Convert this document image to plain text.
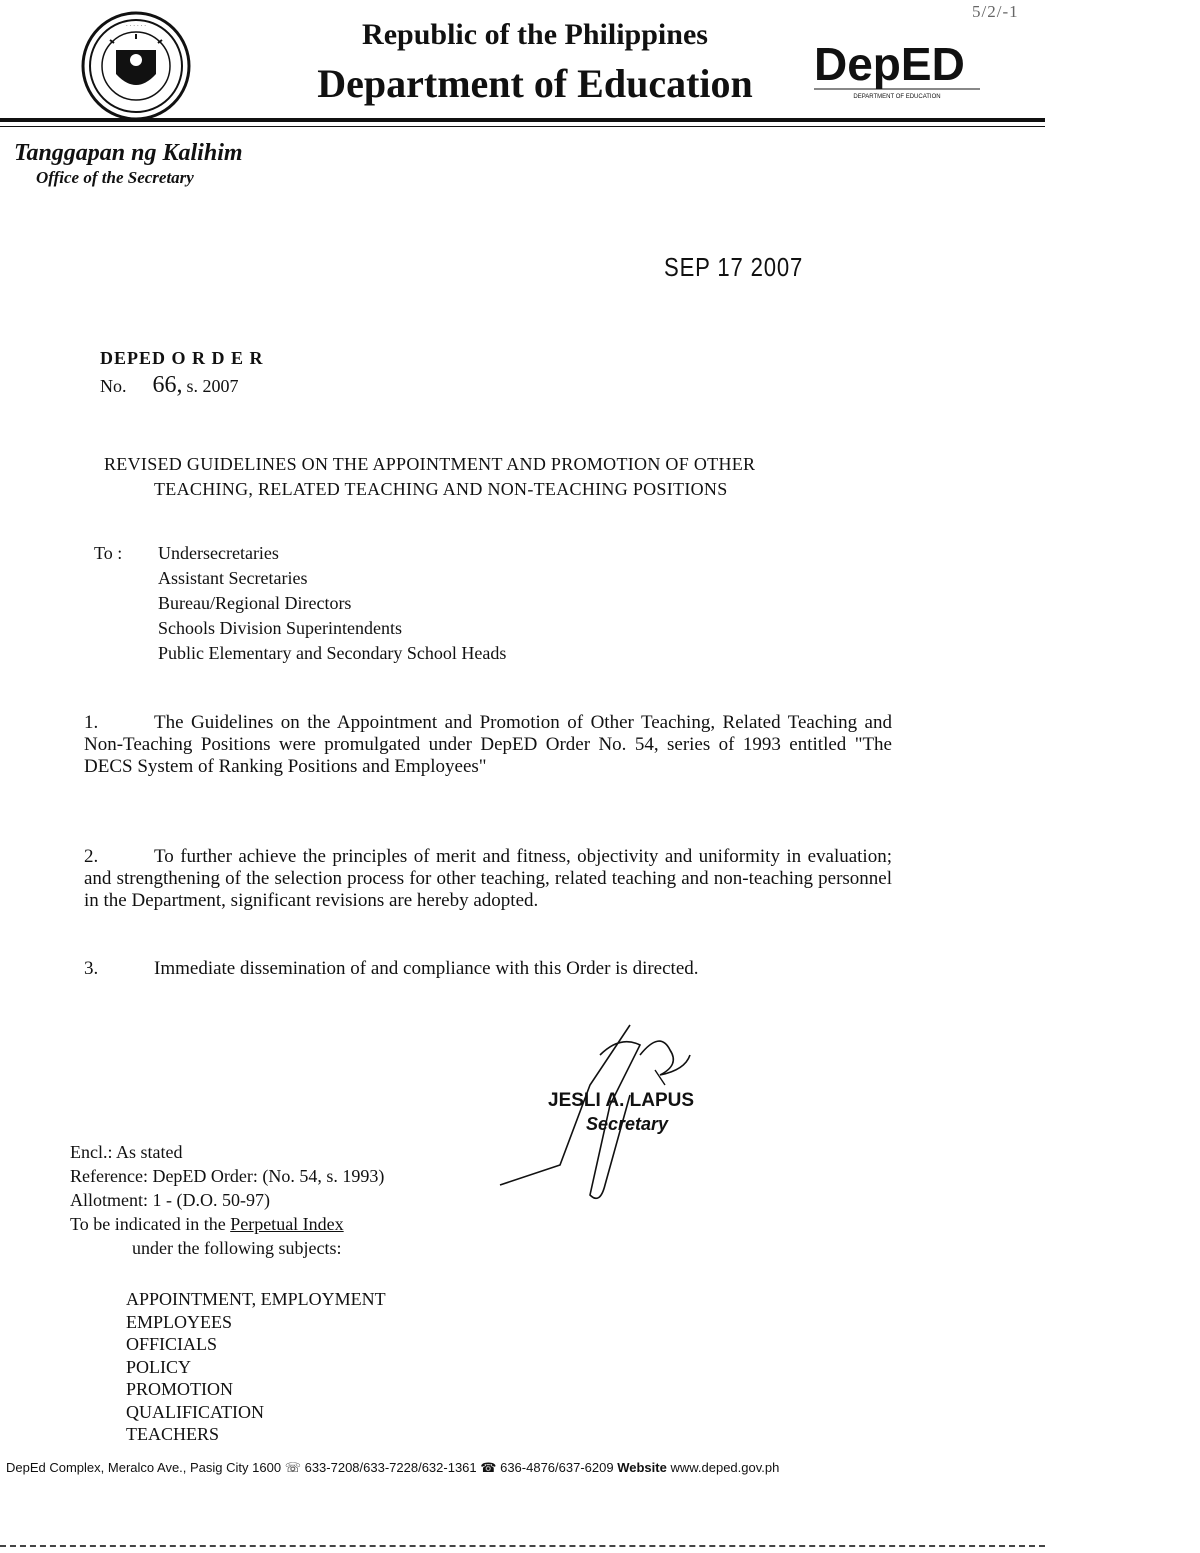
5/2/-1
· · · · · ·	Republic of the Philippines
Department of Education	DepED
DEPARTMENT OF EDUCATION
Tanggapan ng Kalihim
Office of the Secretary
SEP 17 2007
DEPED O R D E R
No. 66, s. 2007
REVISED GUIDELINES ON THE APPOINTMENT AND PROMOTION OF OTHER
TEACHING, RELATED TEACHING AND NON-TEACHING POSITIONS
To : Undersecretaries
Assistant Secretaries
Bureau/Regional Directors
Schools Division Superintendents
Public Elementary and Secondary School Heads
1.	The Guidelines on the Appointment and Promotion of Other Teaching, Related Teaching and Non-Teaching Positions were promulgated under DepED Order No. 54, series of 1993 entitled "The DECS System of Ranking Positions and Employees"
2.	To further achieve the principles of merit and fitness, objectivity and uniformity in evaluation; and strengthening of the selection process for other teaching, related teaching and non-teaching personnel in the Department, significant revisions are hereby adopted.
3.	Immediate dissemination of and compliance with this Order is directed.
JESLI A. LAPUS
Secretary
Encl.: As stated
Reference: DepED Order: (No. 54, s. 1993)
Allotment: 1 - (D.O. 50-97)
To be indicated in the Perpetual Index
under the following subjects:
APPOINTMENT, EMPLOYMENT
EMPLOYEES
OFFICIALS
POLICY
PROMOTION
QUALIFICATION
TEACHERS
DepEd Complex, Meralco Ave., Pasig City 1600 ☏ 633-7208/633-7228/632-1361 ☎ 636-4876/637-6209 Website www.deped.gov.ph
